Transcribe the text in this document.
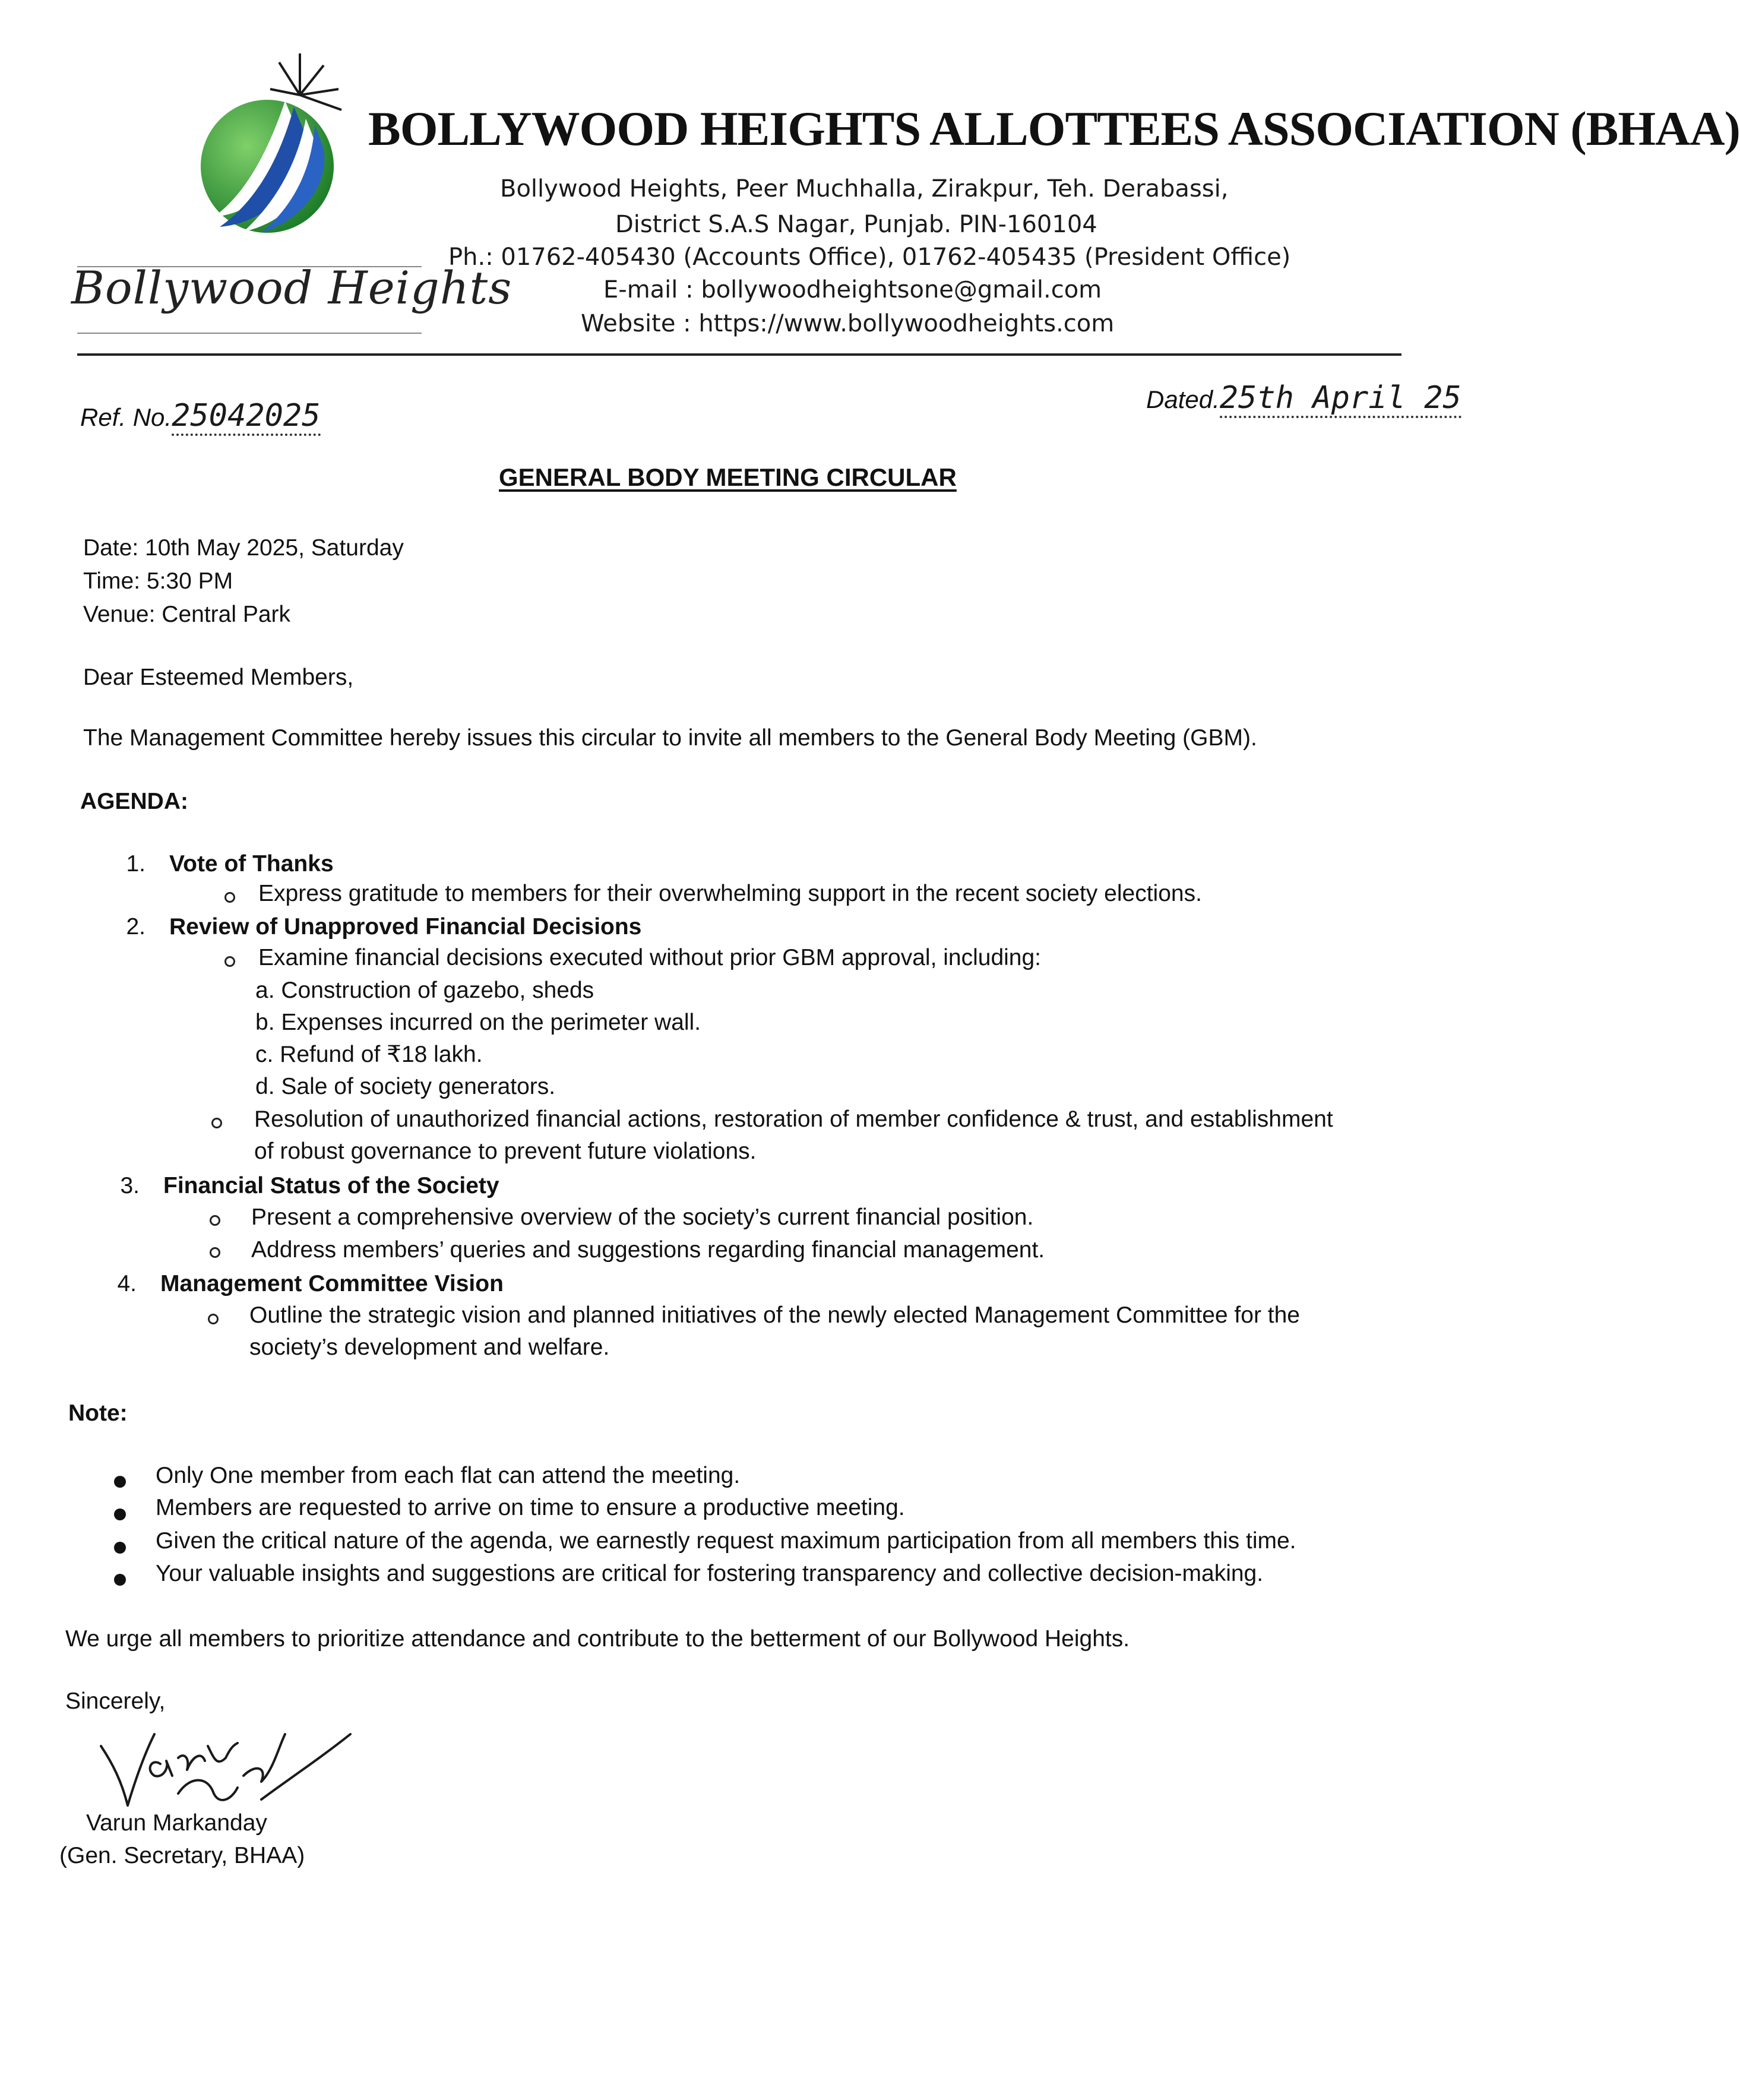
BOLLYWOOD HEIGHTS ALLOTTEES ASSOCIATION (BHAA)
Bollywood Heights, Peer Muchhalla, Zirakpur, Teh. Derabassi,
District S.A.S Nagar, Punjab. PIN-160104
Ph.: 01762-405430 (Accounts Office), 01762-405435 (President Office)
E-mail : bollywoodheightsone@gmail.com
Website : https://www.bollywoodheights.com
Bollywood Heights
Ref. No.25042025	Dated.25th April 25
GENERAL BODY MEETING CIRCULAR
Date: 10th May 2025, Saturday
Time: 5:30 PM
Venue: Central Park
Dear Esteemed Members,
The Management Committee hereby issues this circular to invite all members to the General Body Meeting (GBM).
AGENDA:
1. Vote of Thanks
Express gratitude to members for their overwhelming support in the recent society elections.
2. Review of Unapproved Financial Decisions
Examine financial decisions executed without prior GBM approval, including:
a. Construction of gazebo, sheds
b. Expenses incurred on the perimeter wall.
c. Refund of ₹18 lakh.
d. Sale of society generators.
Resolution of unauthorized financial actions, restoration of member confidence & trust, and establishment
of robust governance to prevent future violations.
3. Financial Status of the Society
Present a comprehensive overview of the society’s current financial position.
Address members’ queries and suggestions regarding financial management.
4. Management Committee Vision
Outline the strategic vision and planned initiatives of the newly elected Management Committee for the
society’s development and welfare.
Note:
Only One member from each flat can attend the meeting.
Members are requested to arrive on time to ensure a productive meeting.
Given the critical nature of the agenda, we earnestly request maximum participation from all members this time.
Your valuable insights and suggestions are critical for fostering transparency and collective decision-making.
We urge all members to prioritize attendance and contribute to the betterment of our Bollywood Heights.
Sincerely,
Varun Markanday
(Gen. Secretary, BHAA)
